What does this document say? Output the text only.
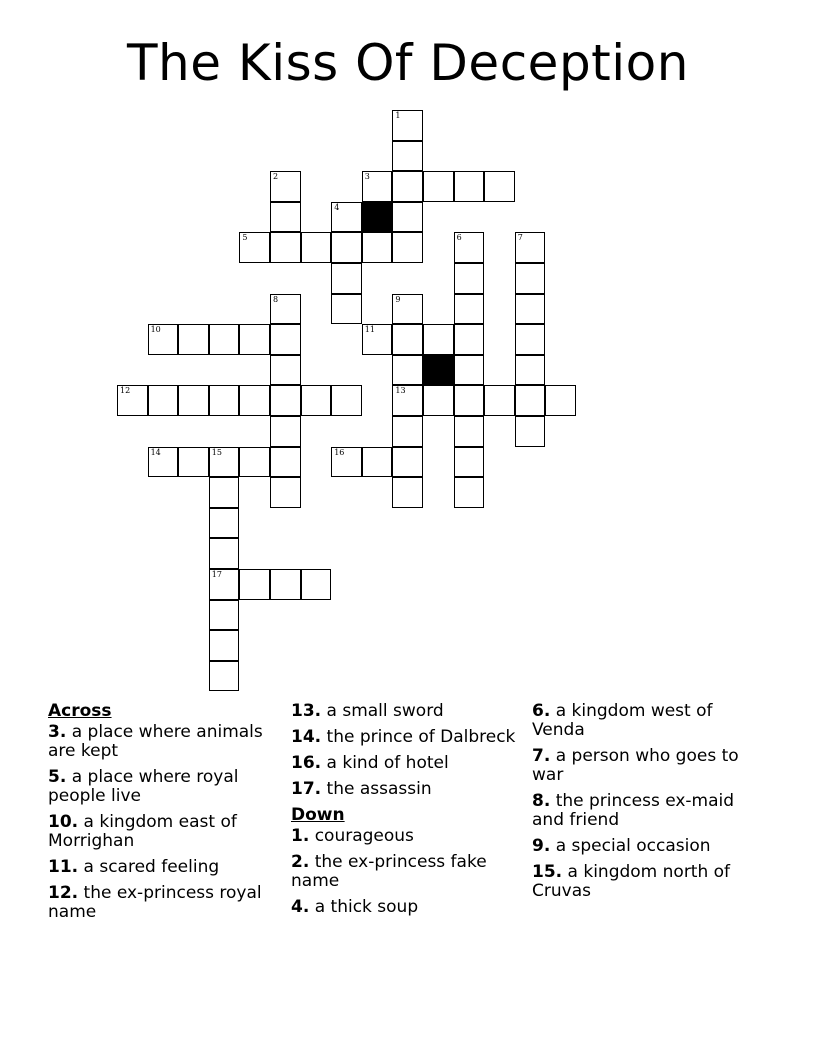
The Kiss Of Deception
1
2	3
4
5	6	7
8	9
13
10	11
12
14	15
17
16
Across
3. a place where animals are kept
5. a place where royal people live
10. a kingdom east of Morrighan
11. a scared feeling
12. the ex-princess royal name
13. a small sword
14. the prince of Dalbreck
16. a kind of hotel
17. the assassin
Down
1. courageous
2. the ex-princess fake name
4. a thick soup
6. a kingdom west of Venda
7. a person who goes to war
8. the princess ex-maid and friend
9. a special occasion
15. a kingdom north of Cruvas
